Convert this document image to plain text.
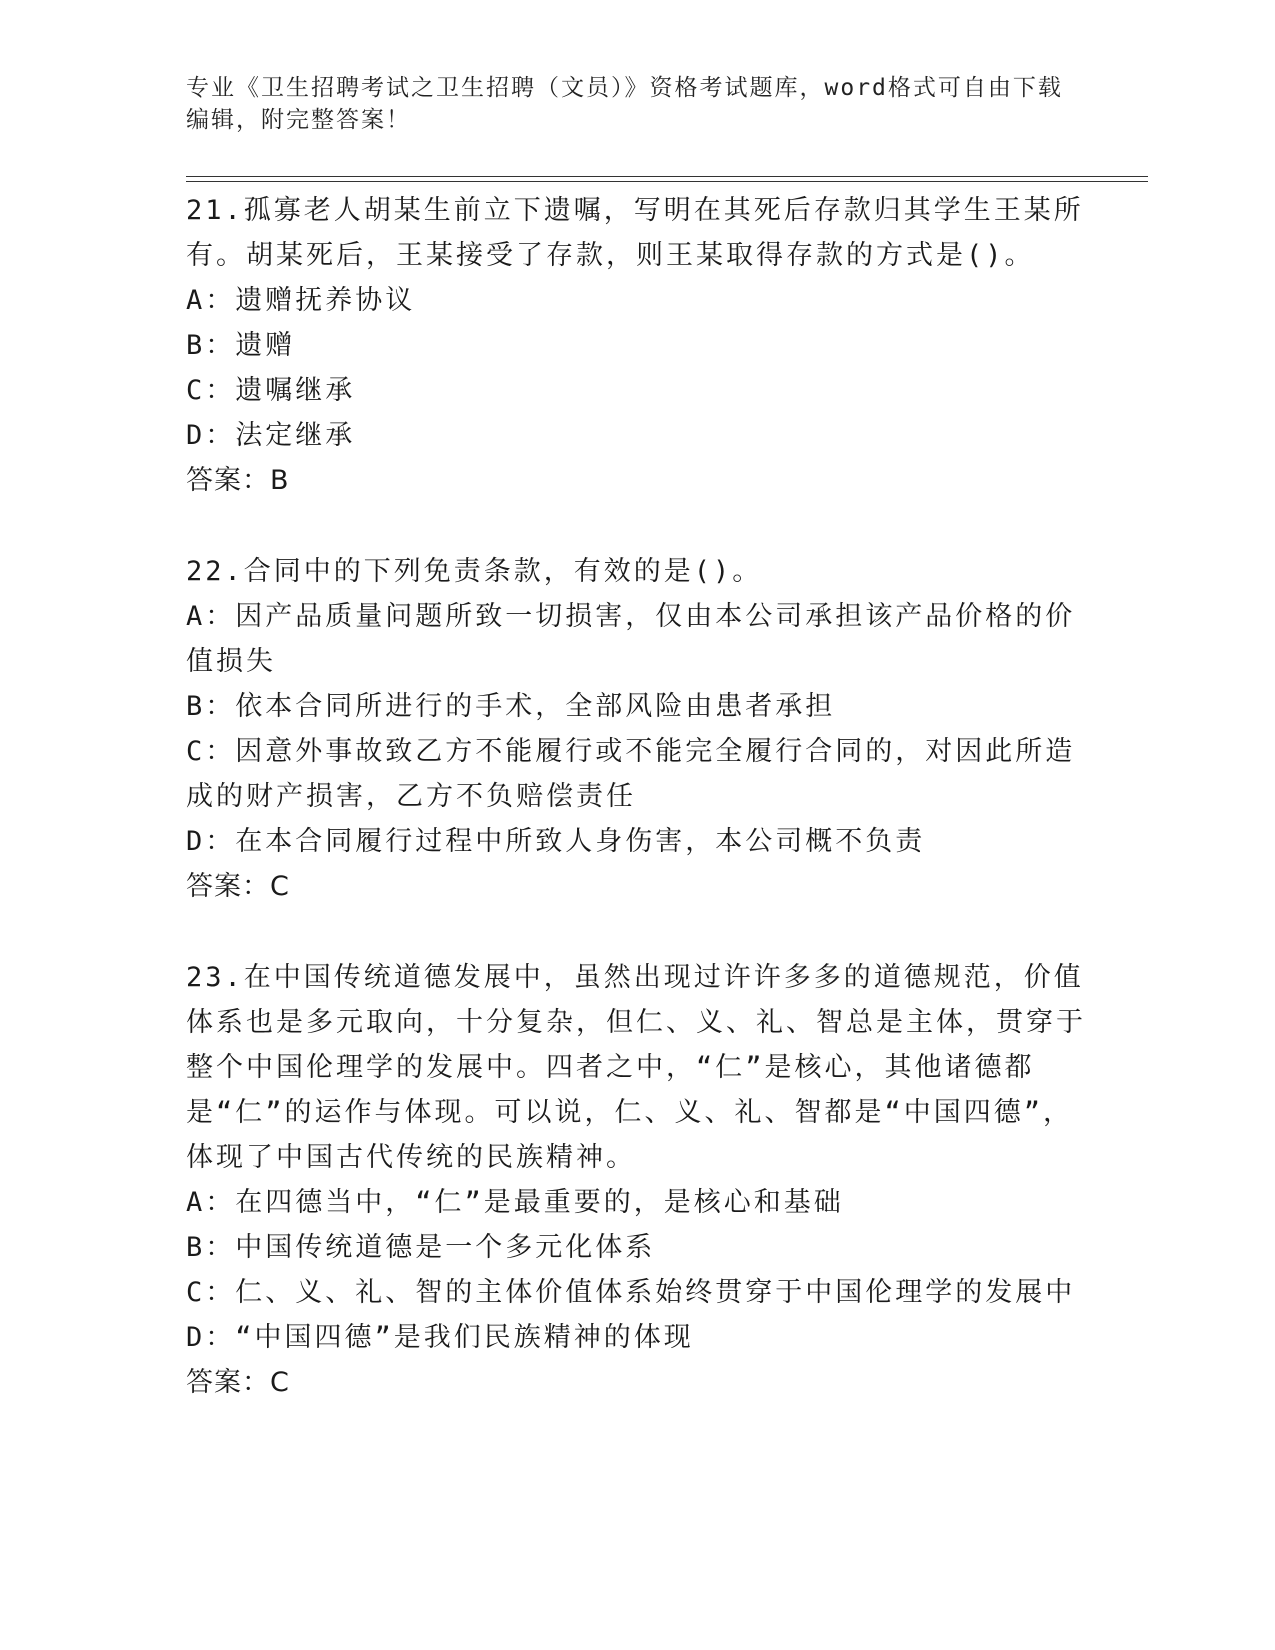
专业《卫生招聘考试之卫生招聘（文员）》资格考试题库，word格式可自由下载编辑，附完整答案！

21.孤寡老人胡某生前立下遗嘱，写明在其死后存款归其学生王某所有。胡某死后，王某接受了存款，则王某取得存款的方式是()。

A：遗赠抚养协议

B：遗赠

C：遗嘱继承

D：法定继承

答案：B

22.合同中的下列免责条款，有效的是()。

A：因产品质量问题所致一切损害，仅由本公司承担该产品价格的价值损失

B：依本合同所进行的手术，全部风险由患者承担

C：因意外事故致乙方不能履行或不能完全履行合同的，对因此所造成的财产损害，乙方不负赔偿责任

D：在本合同履行过程中所致人身伤害，本公司概不负责

答案：C

23.在中国传统道德发展中，虽然出现过许许多多的道德规范，价值体系也是多元取向，十分复杂，但仁、义、礼、智总是主体，贯穿于整个中国伦理学的发展中。四者之中，“仁”是核心，其他诸德都是“仁”的运作与体现。可以说，仁、义、礼、智都是“中国四德”，体现了中国古代传统的民族精神。

A：在四德当中，“仁”是最重要的，是核心和基础

B：中国传统道德是一个多元化体系

C：仁、义、礼、智的主体价值体系始终贯穿于中国伦理学的发展中

D：“中国四德”是我们民族精神的体现

答案：C
